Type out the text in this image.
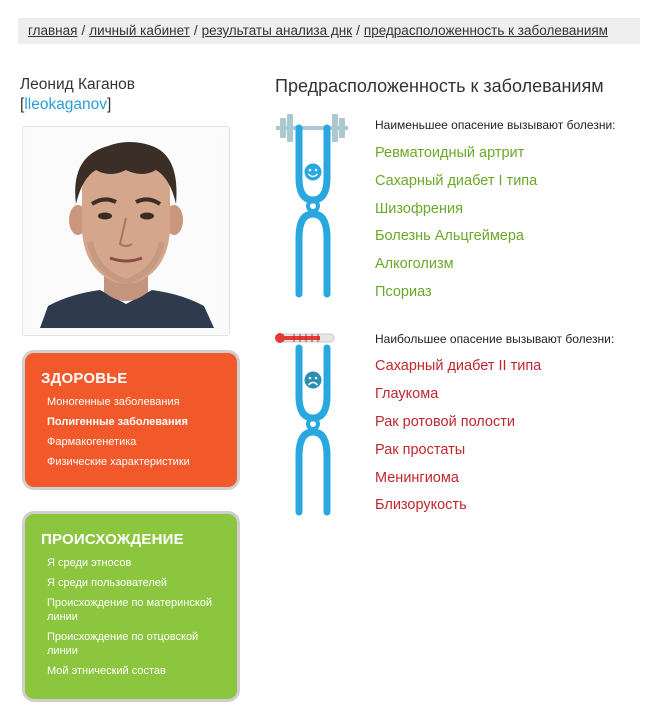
главная / личный кабинет / результаты анализа днк / предрасположенность к заболеваниям
Леонид Каганов
[lleokaganov]
ЗДОРОВЬЕ
Моногенные заболевания
Полигенные заболевания
Фармакогенетика
Физические характеристики
ПРОИСХОЖДЕНИЕ
Я среди этносов
Я среди пользователей
Происхождение по материнской линии
Происхождение по отцовской линии
Мой этнический состав
Предрасположенность к заболеваниям
Наименьшее опасение вызывают болезни:
Ревматоидный артрит
Сахарный диабет I типа
Шизофрения
Болезнь Альцгеймера
Алкоголизм
Псориаз
Наибольшее опасение вызывают болезни:
Сахарный диабет II типа
Глаукома
Рак ротовой полости
Рак простаты
Менингиома
Близорукость
